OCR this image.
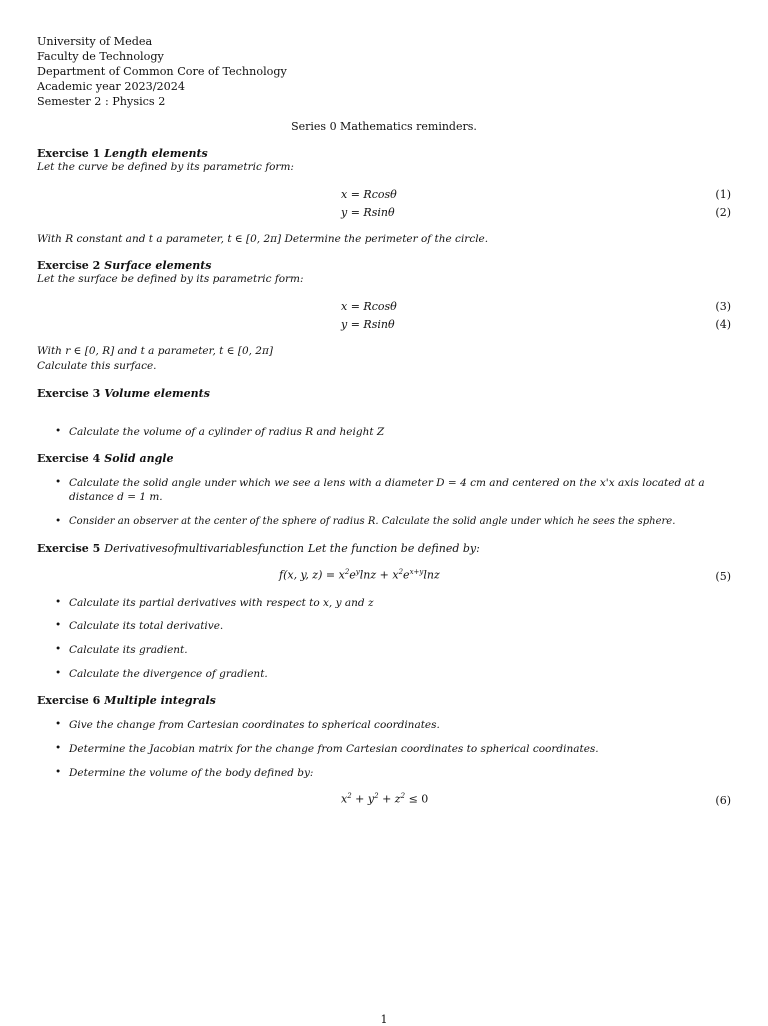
University of Medea
Faculty de Technology
Department of Common Core of Technology
Academic year 2023/2024
Semester 2 : Physics 2
Series 0 Mathematics reminders.
Exercise 1 Length elements
Let the curve be defined by its parametric form:
x = Rcosθ	(1)
y = Rsinθ	(2)
With R constant and t a parameter, t ∈ [0, 2π] Determine the perimeter of the circle.
Exercise 2 Surface elements
Let the surface be defined by its parametric form:
x = Rcosθ	(3)
y = Rsinθ	(4)
With r ∈ [0, R] and t a parameter, t ∈ [0, 2π]
Calculate this surface.
Exercise 3 Volume elements
• Calculate the volume of a cylinder of radius R and height Z
Exercise 4 Solid angle
• Calculate the solid angle under which we see a lens with a diameter D = 4 cm and centered on the x'x axis located at a distance d = 1 m.
• Consider an observer at the center of the sphere of radius R. Calculate the solid angle under which he sees the sphere.
Exercise 5 Derivativesofmultivariablesfunction Let the function be defined by:
f(x, y, $z) = x^2e^y\ln z + x^2e^{x+y}\ln z$	(5)
• Calculate its partial derivatives with respect to x, y and z
• Calculate its total derivative.
• Calculate its gradient.
• Calculate the divergence of gradient.
Exercise 6 Multiple integrals
• Give the change from Cartesian coordinates to spherical coordinates.
• Determine the Jacobian matrix for the change from Cartesian coordinates to spherical coordinates.
• Determine the volume of the body defined by:
$x^2 + y^2 + z^2 \le 0$	(6)
1
